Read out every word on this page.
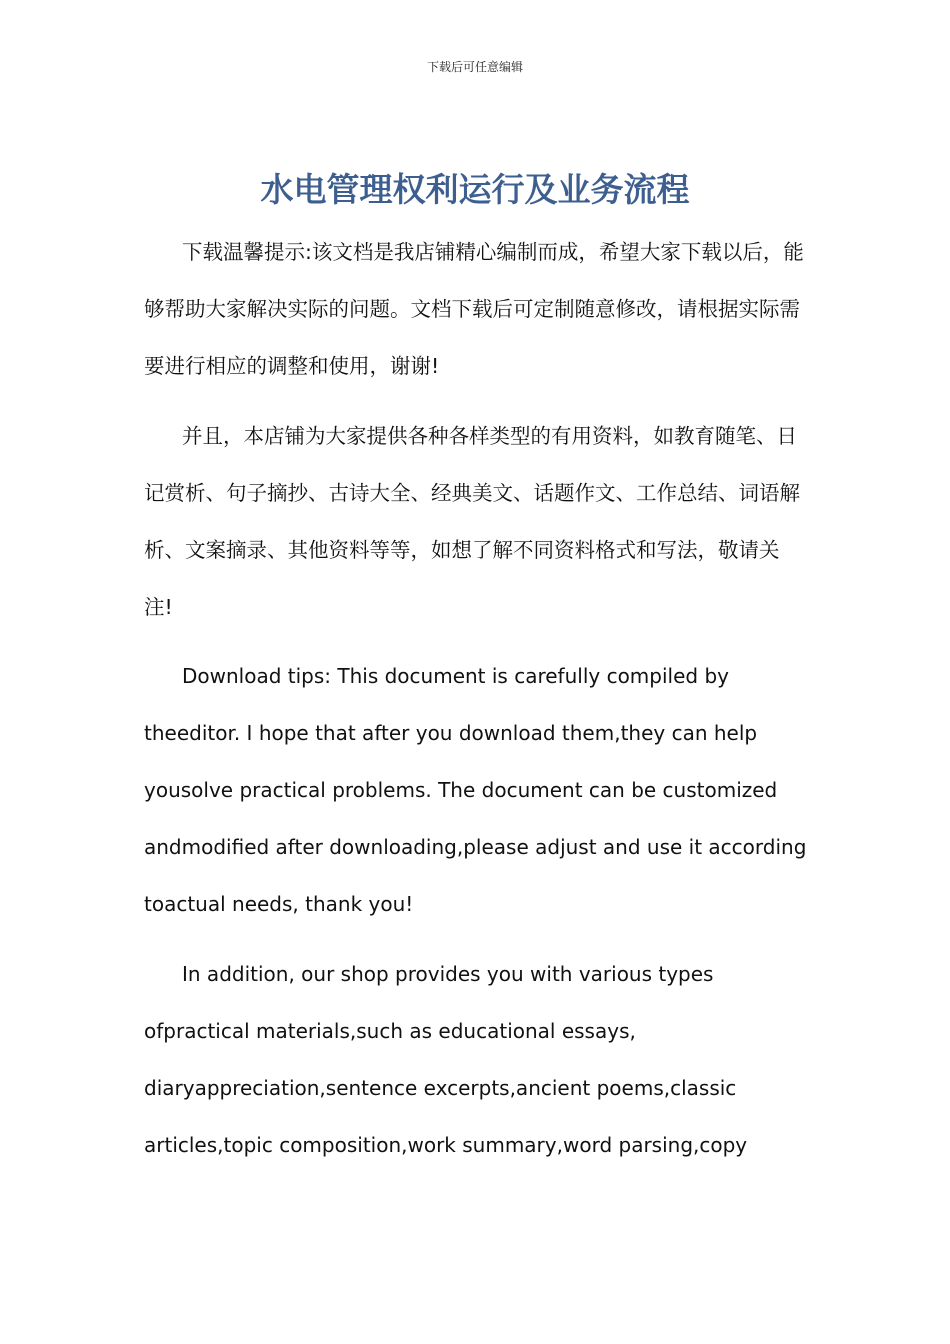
下载后可任意编辑
水电管理权利运行及业务流程

下载温馨提示:该文档是我店铺精心编制而成，希望大家下载以后，能够帮助大家解决实际的问题。文档下载后可定制随意修改，请根据实际需要进行相应的调整和使用，谢谢!

并且，本店铺为大家提供各种各样类型的有用资料，如教育随笔、日记赏析、句子摘抄、古诗大全、经典美文、话题作文、工作总结、词语解析、文案摘录、其他资料等等，如想了解不同资料格式和写法，敬请关注!

Download tips: This document is carefully compiled by theeditor. I hope that after you download them,they can help yousolve practical problems. The document can be customized andmodified after downloading,please adjust and use it according toactual needs, thank you!

In addition, our shop provides you with various types ofpractical materials,such as educational essays, diaryappreciation,sentence excerpts,ancient poems,classic articles,topic composition,work summary,word parsing,copy
